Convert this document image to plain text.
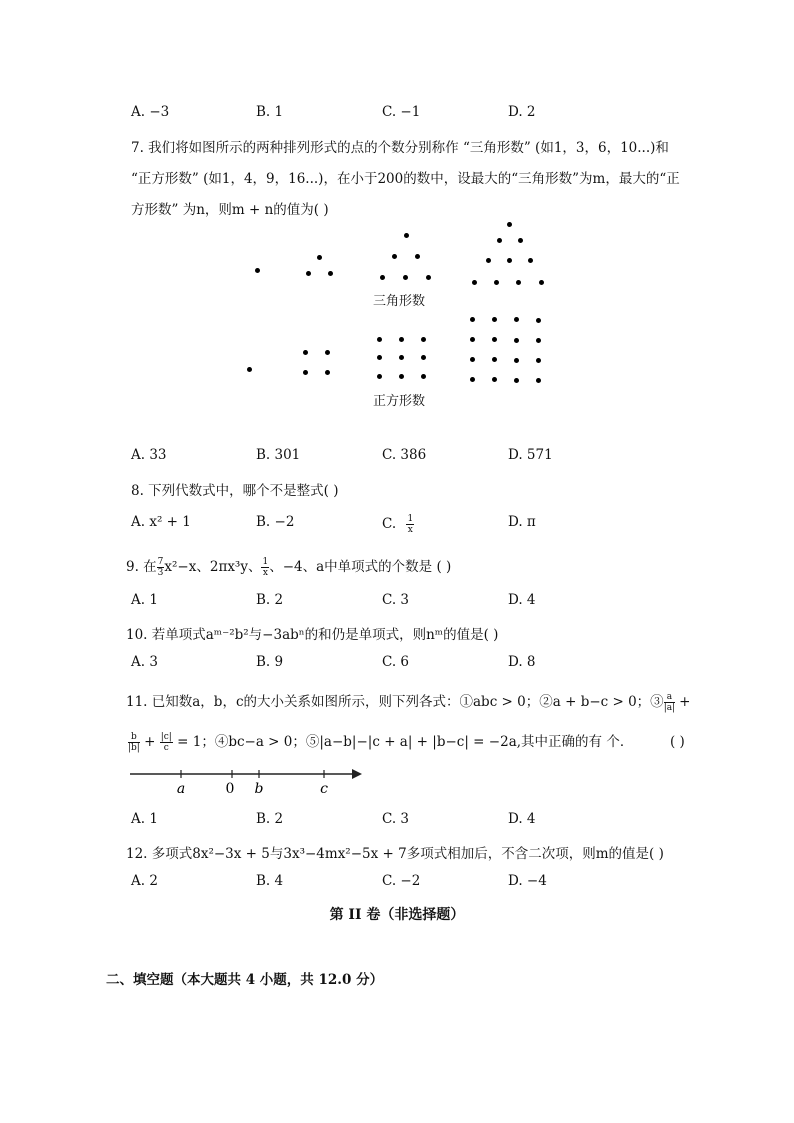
A. −3	B. 1	C. −1	D. 2
7. 我们将如图所示的两种排列形式的点的个数分别称作 “三角形数” (如1，3，6，10...)和
“正方形数” (如1，4，9，16...)，在小于200的数中，设最大的“三角形数”为m，最大的“正
方形数” 为n，则m + n的值为( )
三角形数
正方形数
A. 33	B. 301	C. 386	D. 571
8. 下列代数式中，哪个不是整式( )
A. x² + 1	B. −2	C. $\frac{1}{x}$	D. π
9. 在 $\frac{7}{3} x^2-x$、2πx³y、 $\frac{1}{x}$ 、−4、a中单项式的个数是 ( )
A. 1	B. 2	C. 3	D. 4
10. 若单项式aᵐ⁻²b²与−3abⁿ的和仍是单项式，则nᵐ的值是( )
A. 3	B. 9	C. 6	D. 8
11. 已知数a，b，c的大小关系如图所示，则下列各式：①abc > 0；②a + b−c > 0；③ $\frac{a}{|a|}$ +
$\frac{b}{|b|} + \frac{|c|}{c} = 1$；④bc−a > 0；⑤|a−b|−|c + a| + |b−c| = −2a,其中正确的有 个．	( )
a	0 b	c
A. 1	B. 2	C. 3	D. 4
12. 多项式8x²−3x + 5与3x³−4mx²−5x + 7多项式相加后，不含二次项，则m的值是( )
A. 2	B. 4	C. −2	D. −4
第 II 卷（非选择题）
二、填空题（本大题共 4 小题，共 12.0 分）
